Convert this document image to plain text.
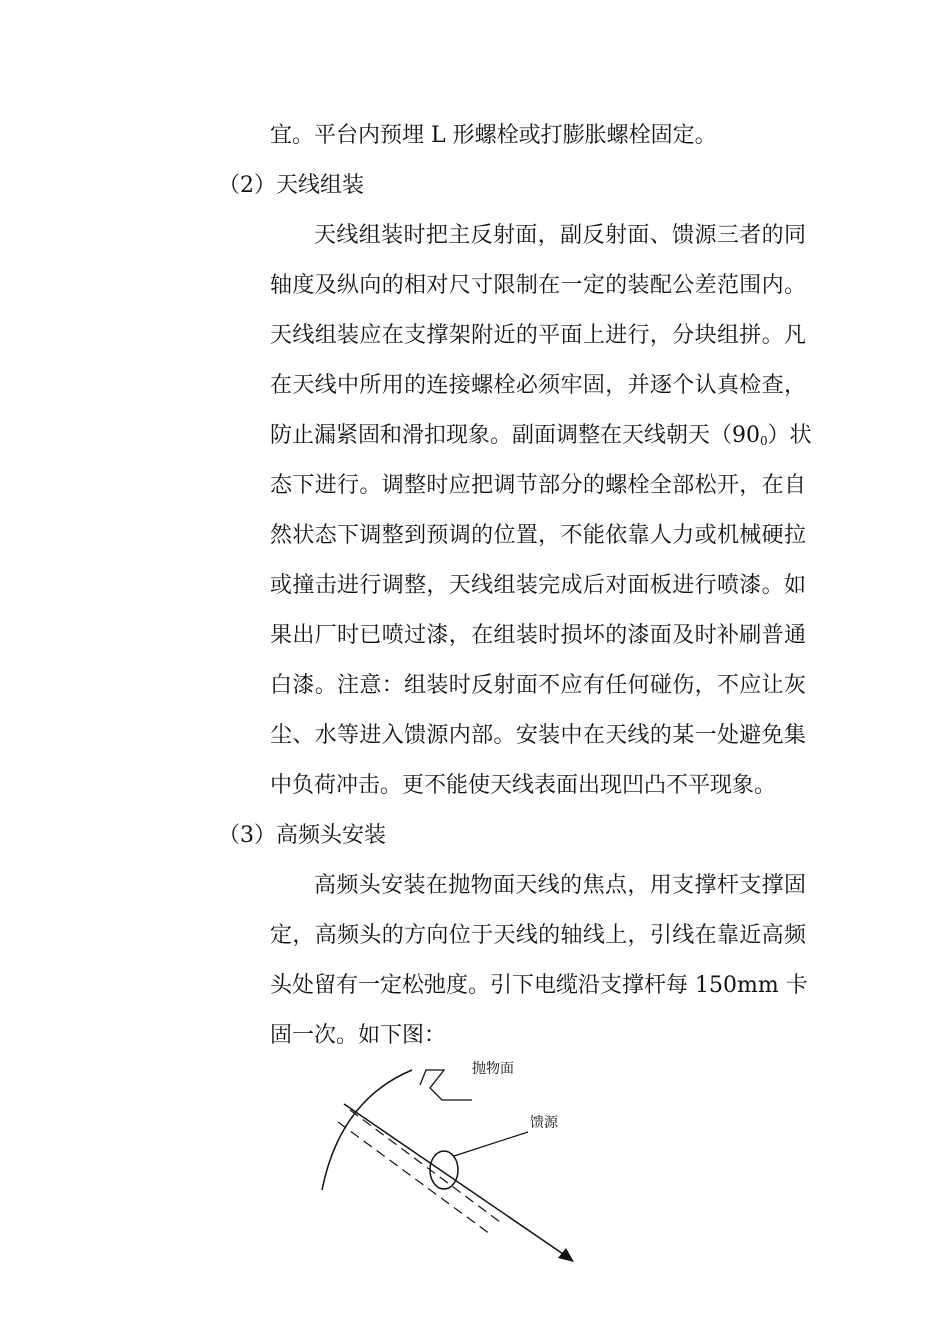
宜。平台内预埋 L 形螺栓或打膨胀螺栓固定。
（2）天线组装
天线组装时把主反射面，副反射面、馈源三者的同
轴度及纵向的相对尺寸限制在一定的装配公差范围内。
天线组装应在支撑架附近的平面上进行，分块组拼。凡
在天线中所用的连接螺栓必须牢固，并逐个认真检查，
防止漏紧固和滑扣现象。副面调整在天线朝天$(90_0)$状
态下进行。调整时应把调节部分的螺栓全部松开，在自
然状态下调整到预调的位置，不能依靠人力或机械硬拉
或撞击进行调整，天线组装完成后对面板进行喷漆。如
果出厂时已喷过漆，在组装时损坏的漆面及时补刷普通
白漆。注意：组装时反射面不应有任何碰伤，不应让灰
尘、水等进入馈源内部。安装中在天线的某一处避免集
中负荷冲击。更不能使天线表面出现凹凸不平现象。
（3）高频头安装
高频头安装在抛物面天线的焦点，用支撑杆支撑固
定，高频头的方向位于天线的轴线上，引线在靠近高频
头处留有一定松弛度。引下电缆沿支撑杆每 150mm 卡
固一次。如下图：
抛物面
馈源
